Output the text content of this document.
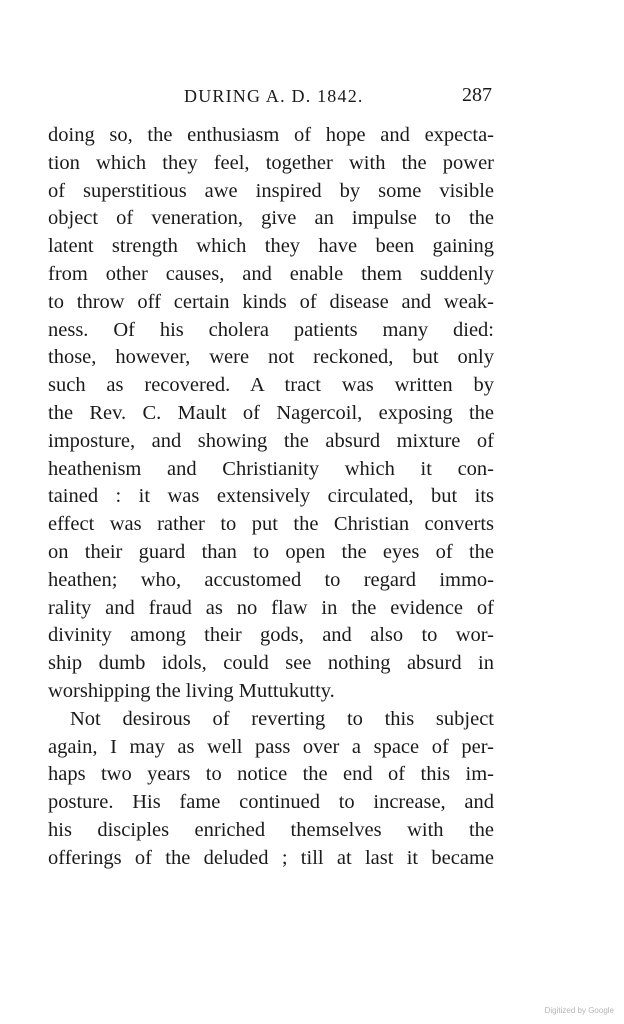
DURING A. D. 1842.	287
doing so, the enthusiasm of hope and expecta-
tion which they feel, together with the power
of superstitious awe inspired by some visible
object of veneration, give an impulse to the
latent strength which they have been gaining
from other causes, and enable them suddenly
to throw off certain kinds of disease and weak-
ness. Of his cholera patients many died:
those, however, were not reckoned, but only
such as recovered. A tract was written by
the Rev. C. Mault of Nagercoil, exposing the
imposture, and showing the absurd mixture of
heathenism and Christianity which it con-
tained : it was extensively circulated, but its
effect was rather to put the Christian converts
on their guard than to open the eyes of the
heathen; who, accustomed to regard immo-
rality and fraud as no flaw in the evidence of
divinity among their gods, and also to wor-
ship dumb idols, could see nothing absurd in
worshipping the living Muttukutty.
Not desirous of reverting to this subject
again, I may as well pass over a space of per-
haps two years to notice the end of this im-
posture. His fame continued to increase, and
his disciples enriched themselves with the
offerings of the deluded ; till at last it became
Digitized by Google
